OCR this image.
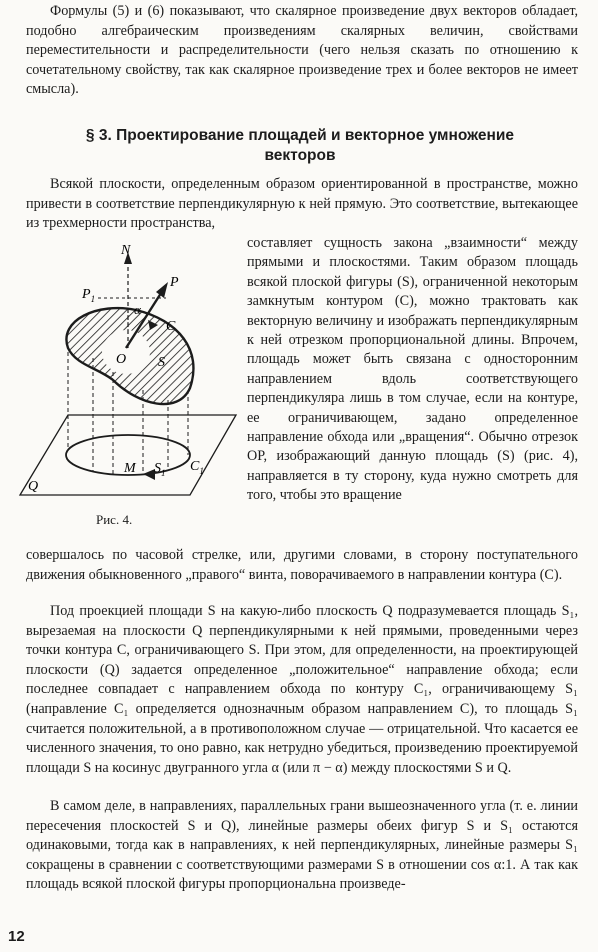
Формулы (5) и (6) показывают, что скалярное произведение двух векторов обладает, подобно алгебраическим произведениям скалярных величин, свойствами переместительности и распределительности (чего нельзя сказать по отношению к сочетательному свойству, так как скалярное произведение трех и более векторов не имеет смысла).

§ 3. Проектирование площадей и векторное умножение
векторов

Всякой плоскости, определенным образом ориентированной в пространстве, можно привести в соответствие перпендикулярную к ней прямую. Это соответствие, вытекающее из трехмерности пространства,

N
$P_1$
P
α
C
O S
M $S_1$ $C_1$
Q

Рис. 4.

составляет сущность закона „взаимности“ между прямыми и плоскостями. Таким образом площадь всякой плоской фигуры (S), ограниченной некоторым замкнутым контуром (C), можно трактовать как векторную величину и изображать перпендикулярным к ней отрезком пропорциональной длины. Впрочем, площадь может быть связана с односторонним направлением вдоль соответствующего перпендикуляра лишь в том случае, если на контуре, ее ограничивающем, задано определенное направление обхода или „вращения“. Обычно отрезок OP, изображающий данную площадь (S) (рис. 4), направляется в ту сторону, куда нужно смотреть для того, чтобы это вращение

совершалось по часовой стрелке, или, другими словами, в сторону поступательного движения обыкновенного „правого“ винта, поворачиваемого в направлении контура (C).

Под проекцией площади S на какую-либо плоскость Q подразумевается площадь S₁, вырезаемая на плоскости Q перпендикулярными к ней прямыми, проведенными через точки контура C, ограничивающего S. При этом, для определенности, на проектирующей плоскости (Q) задается определенное „положительное“ направление обхода; если последнее совпадает с направлением обхода по контуру C₁, ограничивающему S₁ (направление C₁ определяется однозначным образом направлением C), то площадь S₁ считается положительной, а в противоположном случае — отрицательной. Что касается ее численного значения, то оно равно, как нетрудно убедиться, произведению проектируемой площади S на косинус двугранного угла α (или π − α) между плоскостями S и Q.

В самом деле, в направлениях, параллельных грани вышеозначенного угла (т. е. линии пересечения плоскостей S и Q), линейные размеры обеих фигур S и S₁ остаются одинаковыми, тогда как в направлениях, к ней перпендикулярных, линейные размеры S₁ сокращены в сравнении с соответствующими размерами S в отношении cos α:1. А так как площадь всякой плоской фигуры пропорциональна произведе-

12
